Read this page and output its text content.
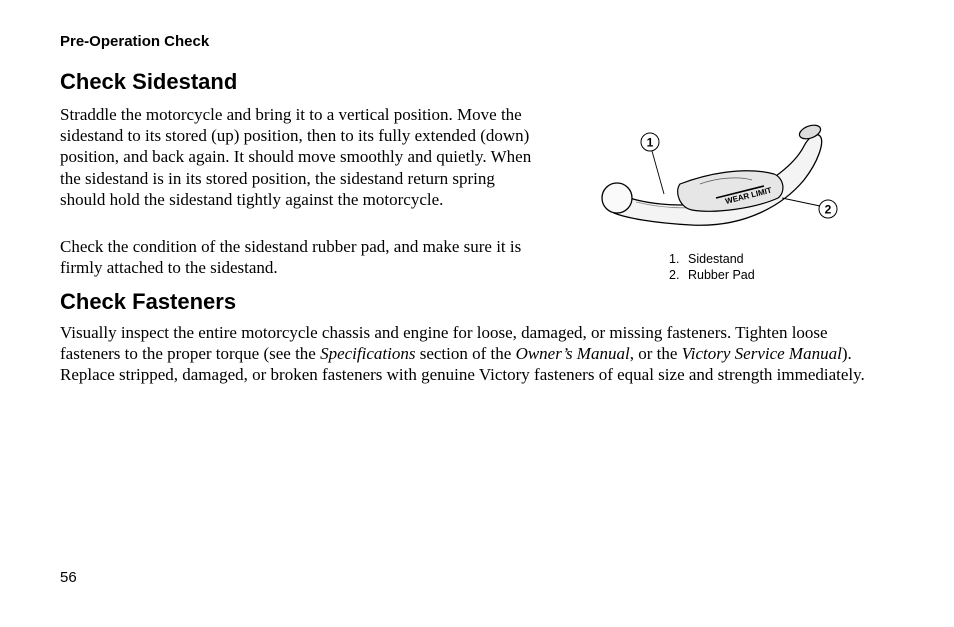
Pre-Operation Check
Check Sidestand

Straddle the motorcycle and bring it to a vertical position. Move the sidestand to its stored (up) position, then to its fully extended (down) position, and back again. It should move smoothly and quietly. When the sidestand is in its stored position, the sidestand return spring should hold the sidestand tightly against the motorcycle.

Check the condition of the sidestand rubber pad, and make sure it is firmly attached to the sidestand.

WEAR LIMIT
1
2
1. Sidestand
2. Rubber Pad
Check Fasteners

Visually inspect the entire motorcycle chassis and engine for loose, damaged, or missing fasteners. Tighten loose fasteners to the proper torque (see the Specifications section of the Owner’s Manual, or the Victory Service Manual). Replace stripped, damaged, or broken fasteners with genuine Victory fasteners of equal size and strength immediately.

56
